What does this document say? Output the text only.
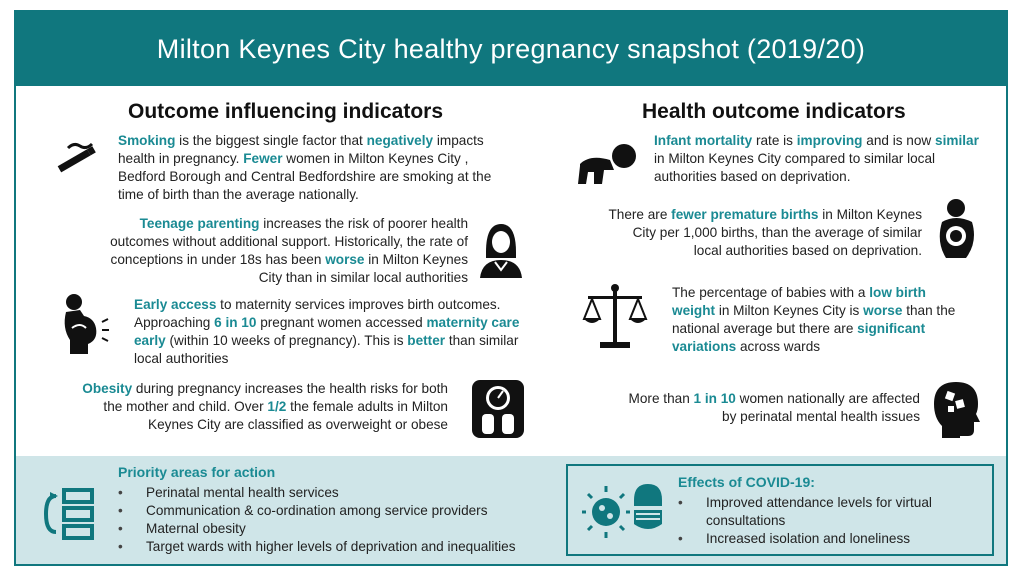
Milton Keynes City healthy pregnancy snapshot (2019/20)
Outcome influencing indicators	Health outcome indicators
Smoking is the biggest single factor that negatively impacts health in pregnancy. Fewer women in Milton Keynes City , Bedford Borough and Central Bedfordshire are smoking at the time of birth than the average nationally.
Teenage parenting increases the risk of poorer health outcomes without additional support. Historically, the rate of conceptions in under 18s has been worse in Milton Keynes City than in similar local authorities
Early access to maternity services improves birth outcomes. Approaching 6 in 10 pregnant women accessed maternity care early (within 10 weeks of pregnancy). This is better than similar local authorities
Obesity during pregnancy increases the health risks for both the mother and child. Over 1/2 the female adults in Milton Keynes City are classified as overweight or obese
Infant mortality rate is improving and is now similar in Milton Keynes City compared to similar local authorities based on deprivation.
There are fewer premature births in Milton Keynes City per 1,000 births, than the average of similar local authorities based on deprivation.
The percentage of babies with a low birth weight in Milton Keynes City is worse than the national average but there are significant variations across wards
More than 1 in 10 women nationally are affected by perinatal mental health issues
Priority areas for action
• Perinatal mental health services
• Communication & co-ordination among service providers
• Maternal obesity
• Target wards with higher levels of deprivation and inequalities
Effects of COVID-19:
• Improved attendance levels for virtual consultations
• Increased isolation and loneliness
